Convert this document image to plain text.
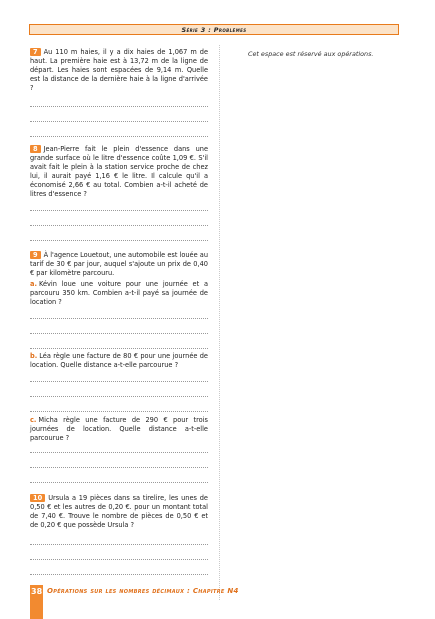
Série 3 : Problèmes
Cet espace est réservé aux opérations.
7 Au 110 m haies, il y a dix haies de 1,067 m de haut. La première haie est à 13,72 m de la ligne de départ. Les haies sont espacées de 9,14 m. Quelle est la distance de la dernière haie à la ligne d'arrivée ?
8 Jean-Pierre fait le plein d'essence dans une grande surface où le litre d'essence coûte 1,09 €. S'il avait fait le plein à la station service proche de chez lui, il aurait payé 1,16 € le litre. Il calcule qu'il a économisé 2,66 € au total. Combien a-t-il acheté de litres d'essence ?
9 À l'agence Louetout, une automobile est louée au tarif de 30 € par jour, auquel s'ajoute un prix de 0,40 € par kilomètre parcouru.
a. Kévin loue une voiture pour une journée et a parcouru 350 km. Combien a-t-il payé sa journée de location ?
b. Léa règle une facture de 80 € pour une journée de location. Quelle distance a-t-elle parcourue ?
c. Micha règle une facture de 290 € pour trois journées de location. Quelle distance a-t-elle parcourue ?
10 Ursula a 19 pièces dans sa tirelire, les unes de 0,50 € et les autres de 0,20 €. pour un montant total de 7,40 €. Trouve le nombre de pièces de 0,50 € et de 0,20 € que possède Ursula ?
38 Opérations sur les nombres décimaux : Chapitre N4
